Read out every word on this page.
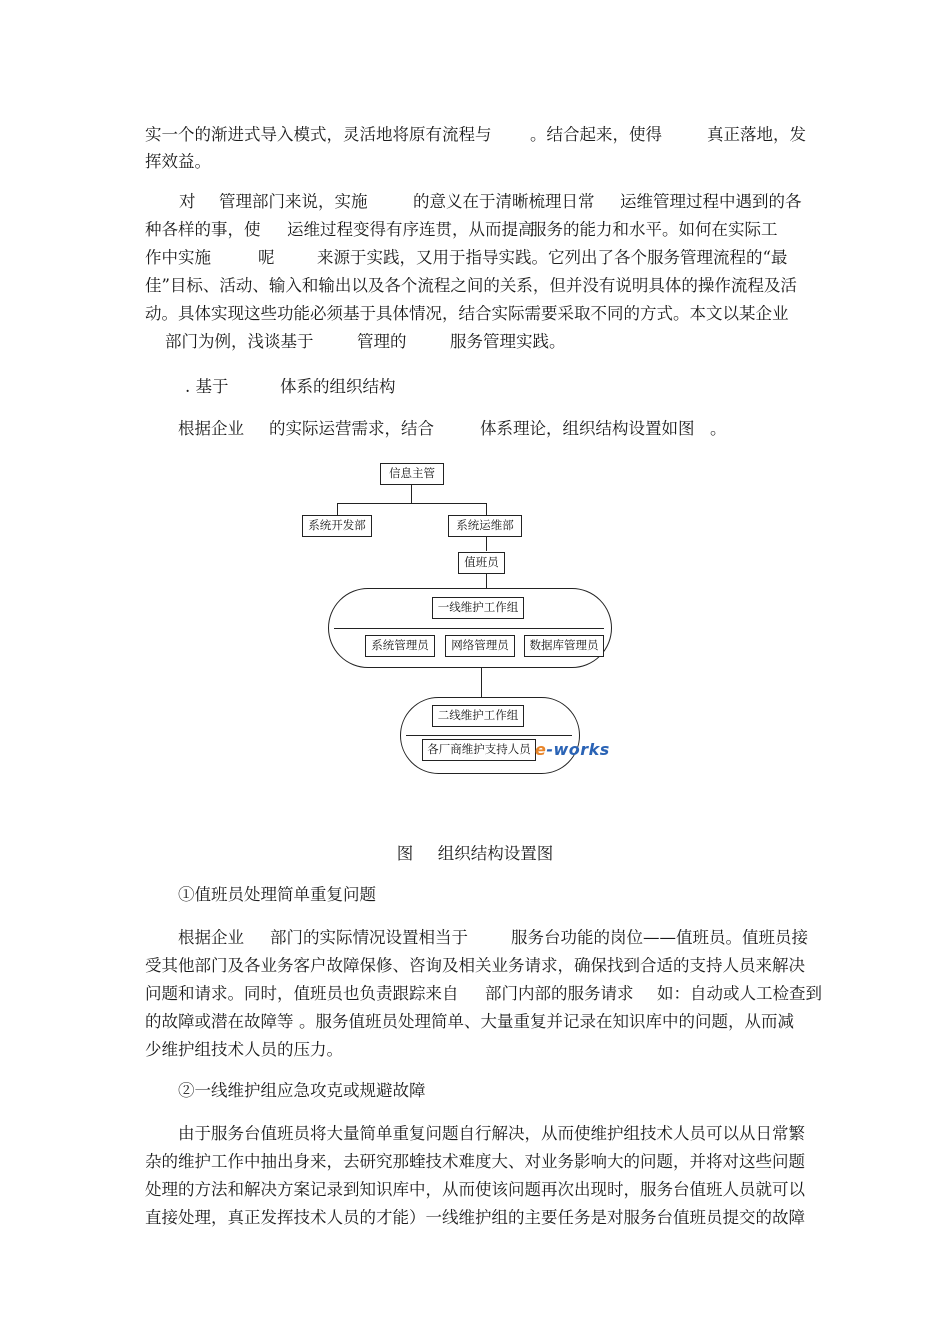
实一个的渐进式导入模式，灵活地将原有流程与 。结合起来，使得	真正落地，发
挥效益。
对 管理部门来说，实施	的意义在于清晰梳理日常 运维管理过程中遇到的各
种各样的事，使 运维过程变得有序连贯，从而提高
服务的能力和水平。如何在实际工
作中实施	呢	来源于实践，又用于指导实践。它列出了各个服务管理流程的“最
佳”目标、活动、输入和输出以及各个流程之间的关系，但并没有说明具体的操作流程及活
动。具体实现这些功能必须基于具体情况，结合实际需要采取不同的方式。本文以某企业
部门为例，浅谈基于	管理的	服务管理实践。
. 基于	体系的组织结构
根据企业 的实际运营需求，结合	体系理论，组织结构设置如图 。
信息主管
系统开发部	系统运维部
值班员
一线维护工作组
系统管理员	网络管理员	数据库管理员
二线维护工作组
各厂商维护支持人员 e-works
图 组织结构设置图
①值班员处理简单重复问题
根据企业 部门的实际情况设置相当于	服务台功能的岗位——值班员。值班员接
受其他部门及各业务客户故障保修、咨询及相关业务请求，确保找到合适的支持人员来解决
问题和请求。同时，值班员也负责跟踪来自 部门内部的服务请求 如：自动或人工检查到
的故障或潜在故障等 。服务值班员处理简单、大量重复并记录在知识库中的问题，从而减
少维护组技术人员的压力。
②一线维护组应急攻克或规避故障
由于服务台值班员将大量简单重复问题自行解决，从而使维护组技术人员可以从日常繁
杂的维护工作中抽出身来，去研究那蝰技术难度大、对业务影响大的问题，并将对这些问题
处理的方法和解决方案记录到知识库中，从而使该问题再次出现时，服务台值班人员就可以
直接处理，真正发挥技术人员的才能）一线维护组的主要任务是对服务台值班员提交的故障
